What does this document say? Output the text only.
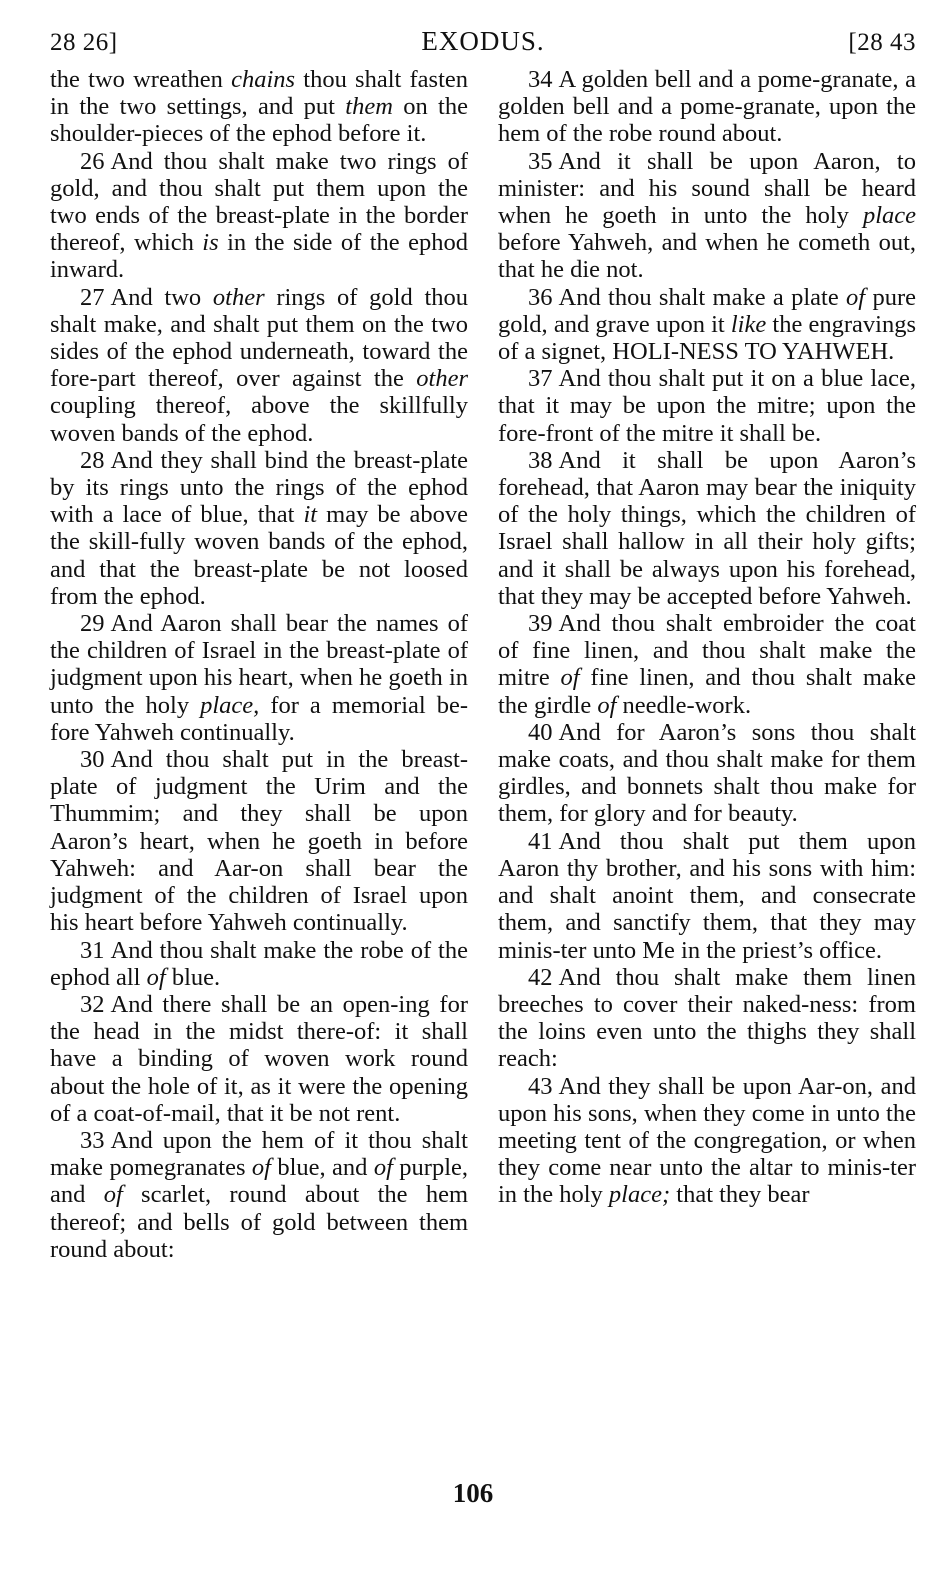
28 26]	EXODUS.	[28 43

the two wreathen chains thou shalt fasten in the two settings, and put them on the shoulder-pieces of the ephod before it.

26 And thou shalt make two rings of gold, and thou shalt put them upon the two ends of the breast-plate in the border thereof, which is in the side of the ephod inward.

27 And two other rings of gold thou shalt make, and shalt put them on the two sides of the ephod underneath, toward the fore-part thereof, over against the other coupling thereof, above the skillfully woven bands of the ephod.

28 And they shall bind the breast-plate by its rings unto the rings of the ephod with a lace of blue, that it may be above the skill-fully woven bands of the ephod, and that the breast-plate be not loosed from the ephod.

29 And Aaron shall bear the names of the children of Israel in the breast-plate of judgment upon his heart, when he goeth in unto the holy place, for a memorial be-fore Yahweh continually.

30 And thou shalt put in the breast-plate of judgment the Urim and the Thummim; and they shall be upon Aaron’s heart, when he goeth in before Yahweh: and Aar-on shall bear the judgment of the children of Israel upon his heart before Yahweh continually.

31 And thou shalt make the robe of the ephod all of blue.

32 And there shall be an open-ing for the head in the midst there-of: it shall have a binding of woven work round about the hole of it, as it were the opening of a coat-of-mail, that it be not rent.

33 And upon the hem of it thou shalt make pomegranates of blue, and of purple, and of scarlet, round about the hem thereof; and bells of gold between them round about:

34 A golden bell and a pome-granate, a golden bell and a pome-granate, upon the hem of the robe round about.

35 And it shall be upon Aaron, to minister: and his sound shall be heard when he goeth in unto the holy place before Yahweh, and when he cometh out, that he die not.

36 And thou shalt make a plate of pure gold, and grave upon it like the engravings of a signet, HOLI-NESS TO YAHWEH.

37 And thou shalt put it on a blue lace, that it may be upon the mitre; upon the fore-front of the mitre it shall be.

38 And it shall be upon Aaron’s forehead, that Aaron may bear the iniquity of the holy things, which the children of Israel shall hallow in all their holy gifts; and it shall be always upon his forehead, that they may be accepted before Yahweh.

39 And thou shalt embroider the coat of fine linen, and thou shalt make the mitre of fine linen, and thou shalt make the girdle of needle-work.

40 And for Aaron’s sons thou shalt make coats, and thou shalt make for them girdles, and bonnets shalt thou make for them, for glory and for beauty.

41 And thou shalt put them upon Aaron thy brother, and his sons with him: and shalt anoint them, and consecrate them, and sanctify them, that they may minis-ter unto Me in the priest’s office.

42 And thou shalt make them linen breeches to cover their naked-ness: from the loins even unto the thighs they shall reach:

43 And they shall be upon Aar-on, and upon his sons, when they come in unto the meeting tent of the congregation, or when they come near unto the altar to minis-ter in the holy place; that they bear

106
